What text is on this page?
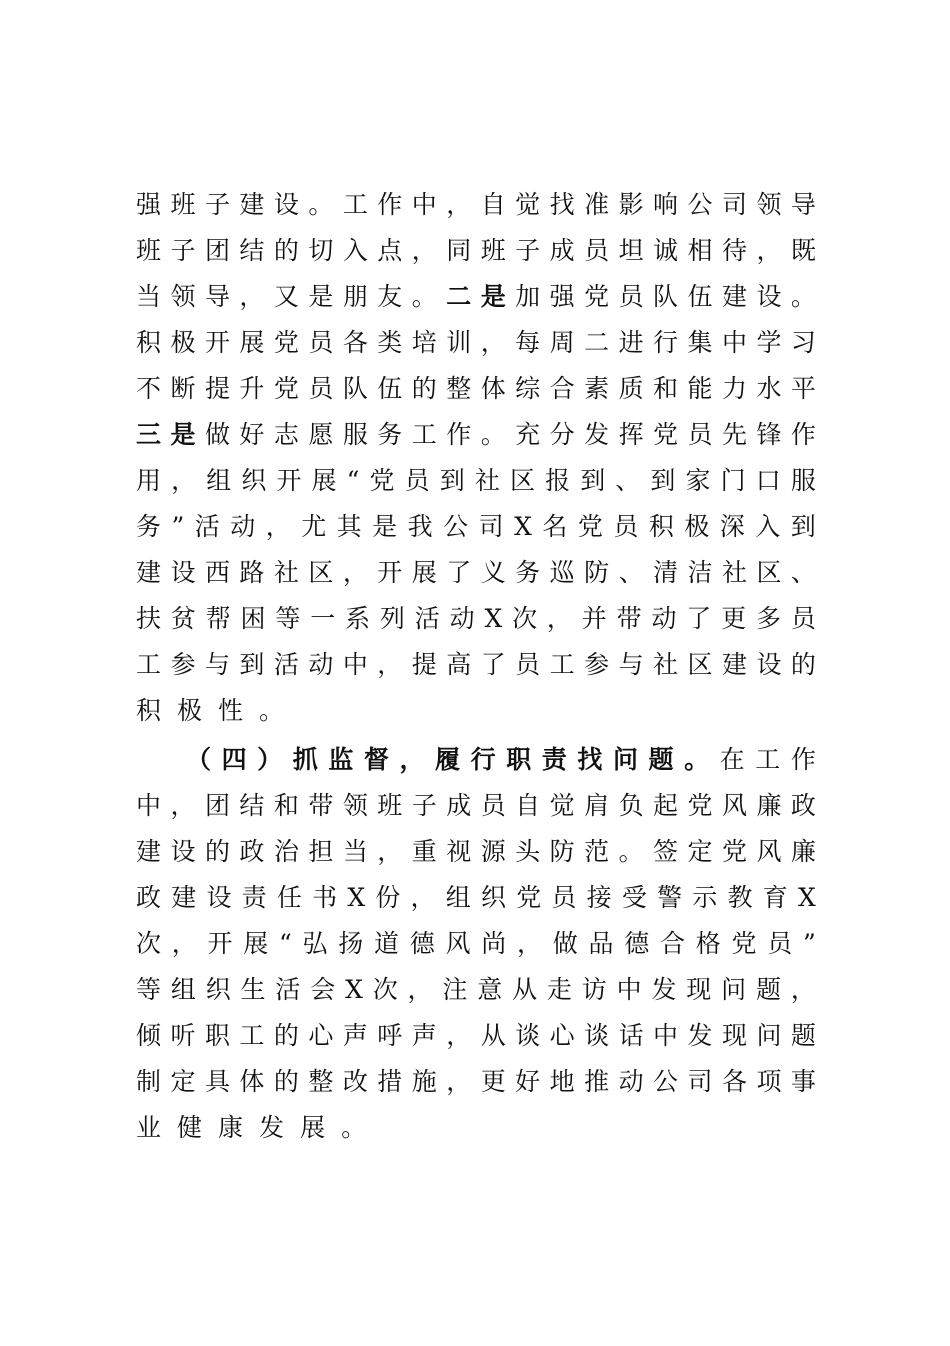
强 班 子 建 设 。 工 作 中 ， 自 觉 找 准 影 响 公 司 领 导
班 子 团 结 的 切 入 点 ， 同 班 子 成 员 坦 诚 相 待 ， 既
当 领 导 ， 又 是 朋 友 。 二 是 加 强 党 员 队 伍 建 设 。
积 极 开 展 党 员 各 类 培 训 ， 每 周 二 进 行 集 中 学 习
不 断 提 升 党 员 队 伍 的 整 体 综 合 素 质 和 能 力 水 平
三 是 做 好 志 愿 服 务 工 作 。 充 分 发 挥 党 员 先 锋 作
用 ， 组 织 开 展 “ 党 员 到 社 区 报 到 、 到 家 门 口 服
务 ” 活 动 ， 尤 其 是 我 公 司 X 名 党 员 积 极 深 入 到
建 设 西 路 社 区 ， 开 展 了 义 务 巡 防 、 清 洁 社 区 、
扶 贫 帮 困 等 一 系 列 活 动 X 次 ， 并 带 动 了 更 多 员
工 参 与 到 活 动 中 ， 提 高 了 员 工 参 与 社 区 建 设 的
积 极 性 。
（ 四 ） 抓 监 督 ， 履 行 职 责 找 问 题 。 在 工 作
中 ， 团 结 和 带 领 班 子 成 员 自 觉 肩 负 起 党 风 廉 政
建 设 的 政 治 担 当 ， 重 视 源 头 防 范 。 签 定 党 风 廉
政 建 设 责 任 书 X 份 ， 组 织 党 员 接 受 警 示 教 育 X
次 ， 开 展 “ 弘 扬 道 德 风 尚 ， 做 品 德 合 格 党 员 ”
等 组 织 生 活 会 X 次 ， 注 意 从 走 访 中 发 现 问 题 ，
倾 听 职 工 的 心 声 呼 声 ， 从 谈 心 谈 话 中 发 现 问 题
制 定 具 体 的 整 改 措 施 ， 更 好 地 推 动 公 司 各 项 事
业 健 康 发 展 。
